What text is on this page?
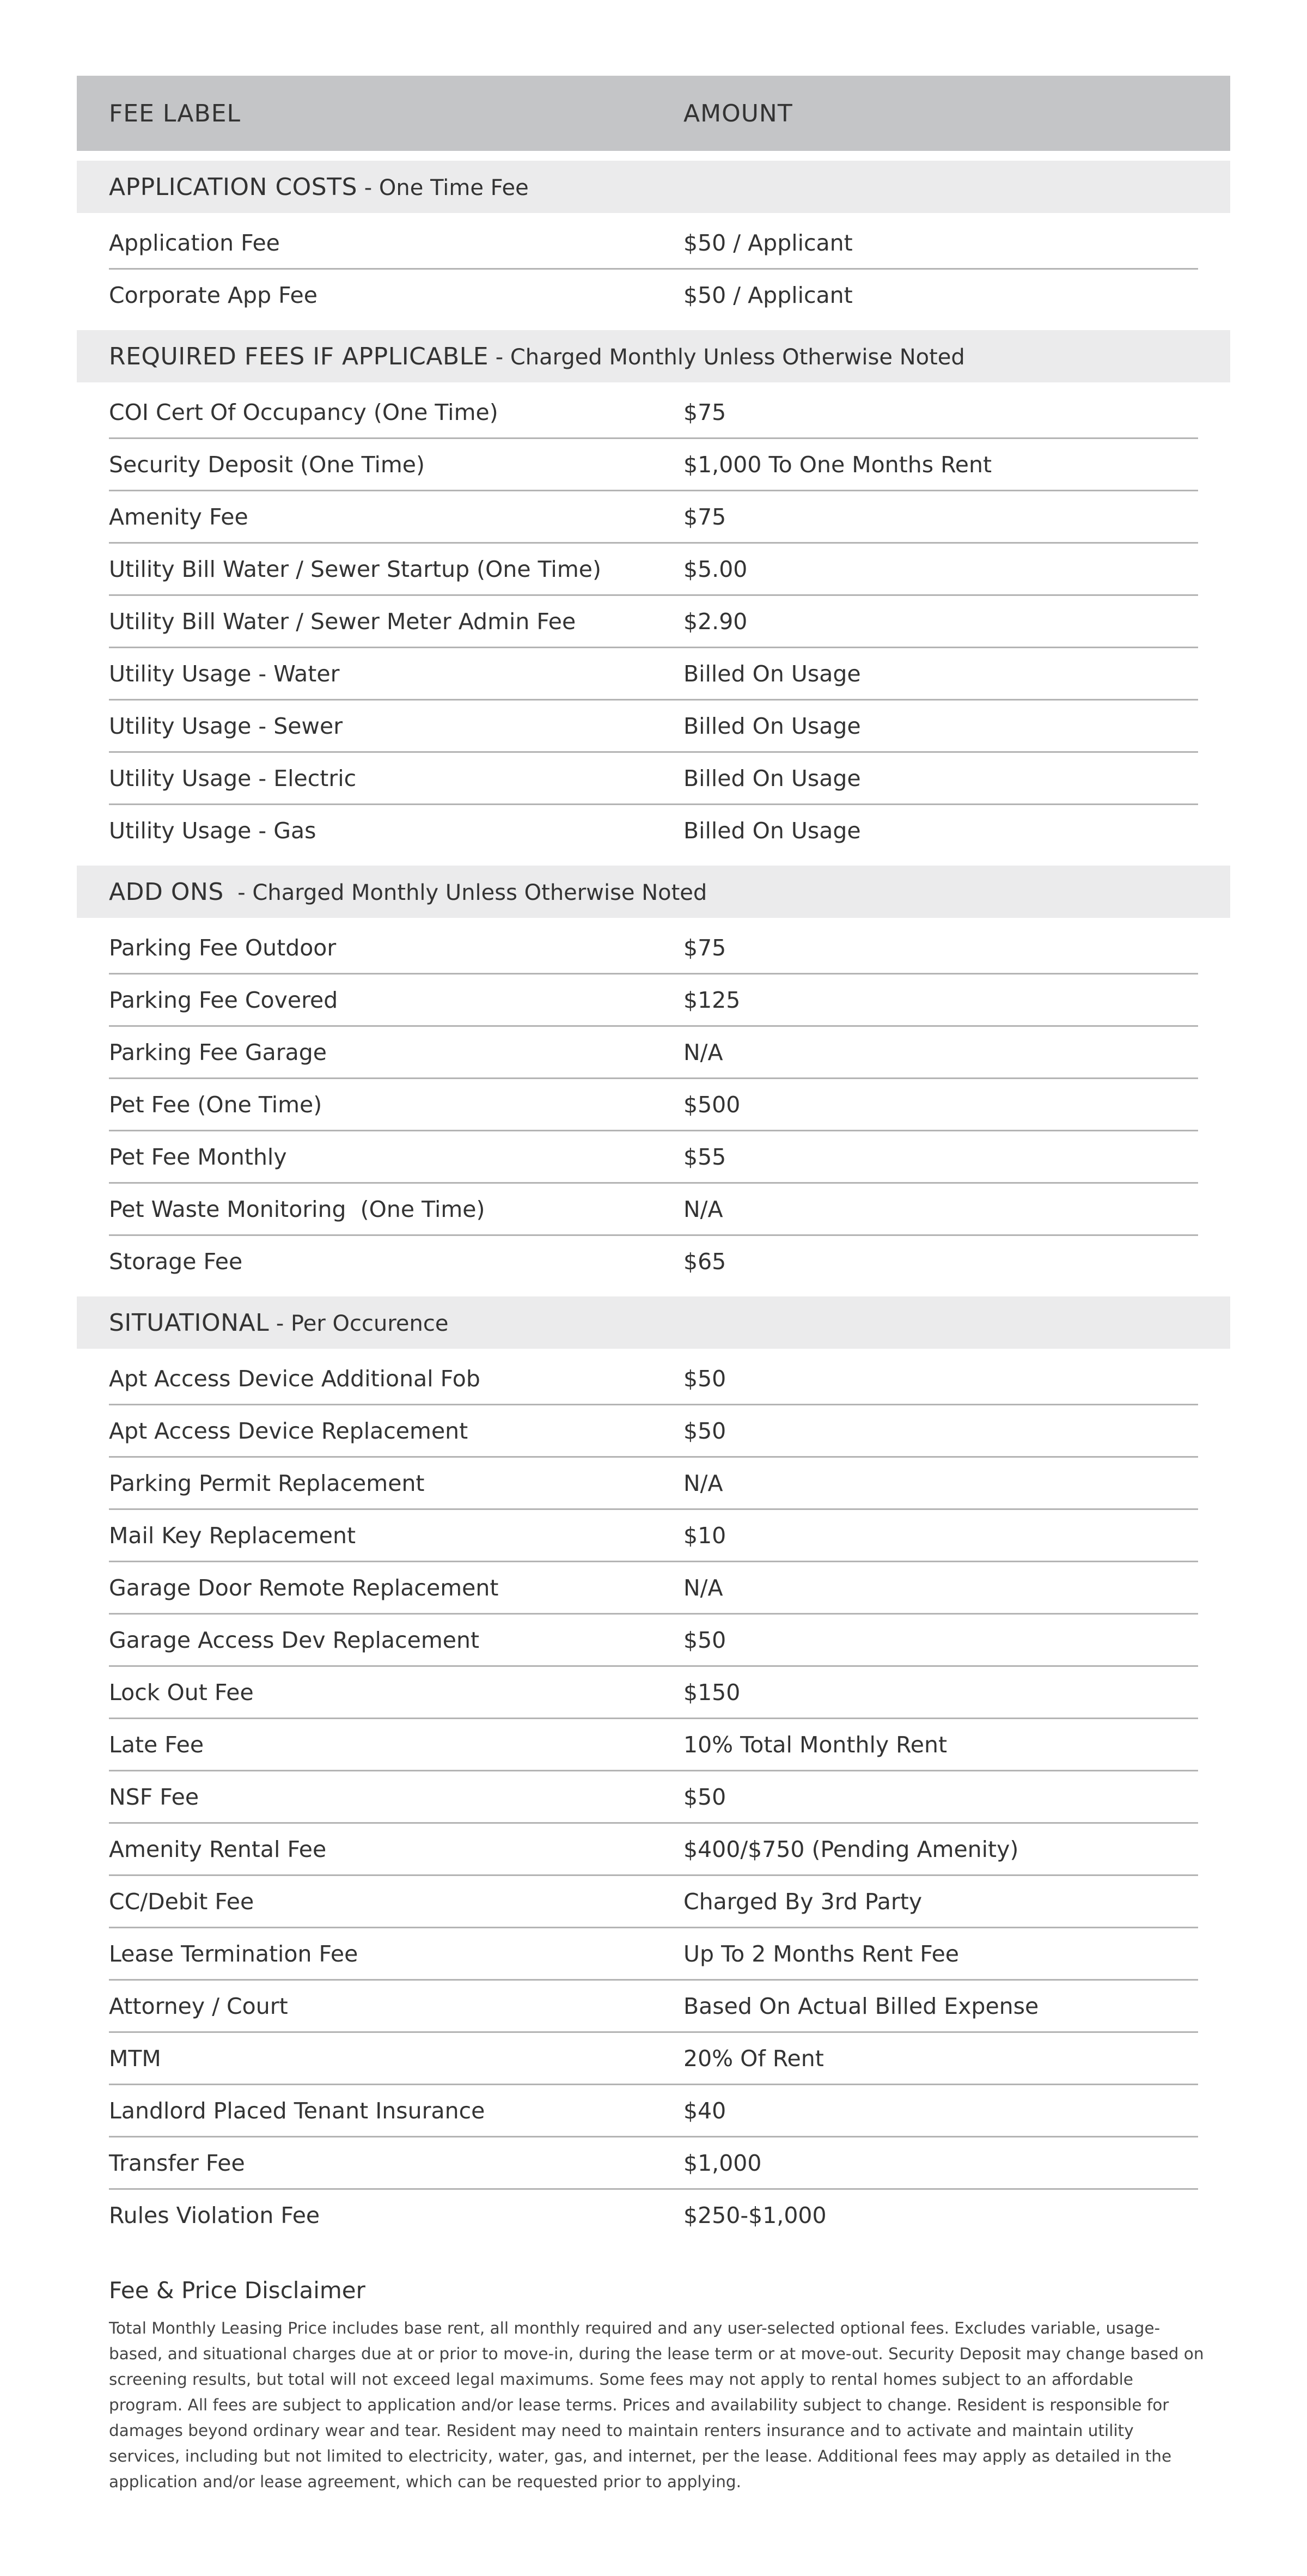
FEE LABEL	AMOUNT
APPLICATION COSTS - One Time Fee
Application Fee	$50 / Applicant
Corporate App Fee	$50 / Applicant
REQUIRED FEES IF APPLICABLE - Charged Monthly Unless Otherwise Noted
COI Cert Of Occupancy (One Time)	$75
Security Deposit (One Time)	$1,000 To One Months Rent
Amenity Fee	$75
Utility Bill Water / Sewer Startup (One Time)	$5.00
Utility Bill Water / Sewer Meter Admin Fee	$2.90
Utility Usage - Water	Billed On Usage
Utility Usage - Sewer	Billed On Usage
Utility Usage - Electric	Billed On Usage
Utility Usage - Gas	Billed On Usage
ADD ONS  - Charged Monthly Unless Otherwise Noted
Parking Fee Outdoor	$75
Parking Fee Covered	$125
Parking Fee Garage	N/A
Pet Fee (One Time)	$500
Pet Fee Monthly	$55
Pet Waste Monitoring  (One Time)	N/A
Storage Fee	$65
SITUATIONAL - Per Occurence
Apt Access Device Additional Fob	$50
Apt Access Device Replacement	$50
Parking Permit Replacement	N/A
Mail Key Replacement	$10
Garage Door Remote Replacement	N/A
Garage Access Dev Replacement	$50
Lock Out Fee	$150
Late Fee	10% Total Monthly Rent
NSF Fee	$50
Amenity Rental Fee	$400/$750 (Pending Amenity)
CC/Debit Fee	Charged By 3rd Party
Lease Termination Fee	Up To 2 Months Rent Fee
Attorney / Court	Based On Actual Billed Expense
MTM	20% Of Rent
Landlord Placed Tenant Insurance	$40
Transfer Fee	$1,000
Rules Violation Fee	$250-$1,000
Fee & Price Disclaimer
Total Monthly Leasing Price includes base rent, all monthly required and any user-selected optional fees. Excludes variable, usage-based, and situational charges due at or prior to move-in, during the lease term or at move-out. Security Deposit may change based on screening results, but total will not exceed legal maximums. Some fees may not apply to rental homes subject to an affordable program. All fees are subject to application and/or lease terms. Prices and availability subject to change. Resident is responsible for damages beyond ordinary wear and tear. Resident may need to maintain renters insurance and to activate and maintain utility services, including but not limited to electricity, water, gas, and internet, per the lease. Additional fees may apply as detailed in the application and/or lease agreement, which can be requested prior to applying.
